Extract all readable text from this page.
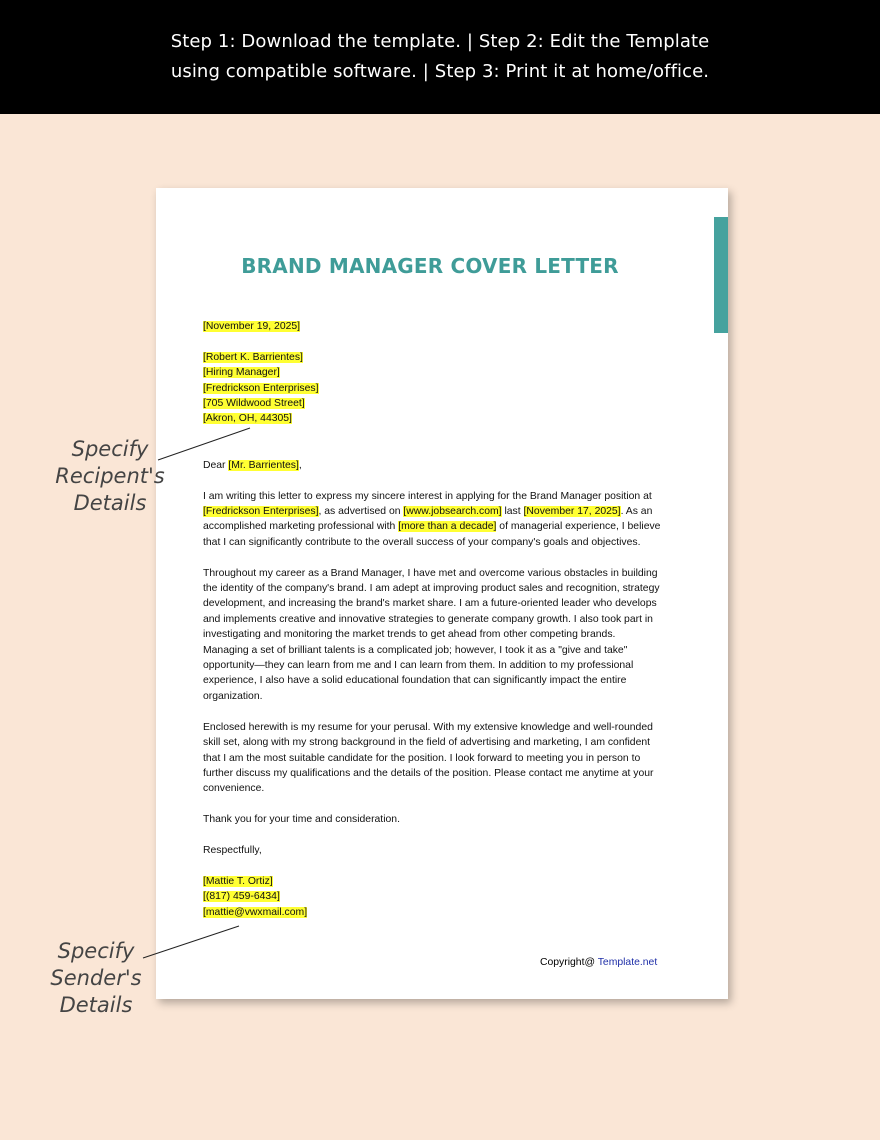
Step 1: Download the template. | Step 2: Edit the Template
using compatible software. | Step 3: Print it at home/office.
BRAND MANAGER COVER LETTER

[November 19, 2025]

[Robert K. Barrientes]
[Hiring Manager]
[Fredrickson Enterprises]
[705 Wildwood Street]
[Akron, OH, 44305]

Dear [Mr. Barrientes],

I am writing this letter to express my sincere interest in applying for the Brand Manager position at [Fredrickson Enterprises], as advertised on [www.jobsearch.com] last [November 17, 2025]. As an accomplished marketing professional with [more than a decade] of managerial experience, I believe that I can significantly contribute to the overall success of your company's goals and objectives.

Throughout my career as a Brand Manager, I have met and overcome various obstacles in building the identity of the company's brand. I am adept at improving product sales and recognition, strategy development, and increasing the brand's market share. I am a future-oriented leader who develops and implements creative and innovative strategies to generate company growth. I also took part in investigating and monitoring the market trends to get ahead from other competing brands. Managing a set of brilliant talents is a complicated job; however, I took it as a "give and take" opportunity—they can learn from me and I can learn from them. In addition to my professional experience, I also have a solid educational foundation that can significantly impact the entire organization.

Enclosed herewith is my resume for your perusal. With my extensive knowledge and well-rounded skill set, along with my strong background in the field of advertising and marketing, I am confident that I am the most suitable candidate for the position. I look forward to meeting you in person to further discuss my qualifications and the details of the position. Please contact me anytime at your convenience.

Thank you for your time and consideration.

Respectfully,

[Mattie T. Ortiz]
[(817) 459-6434]
[mattie@vwxmail.com]

Copyright@ Template.net
Specify
Recipent's
Details
Specify
Sender's
Details
